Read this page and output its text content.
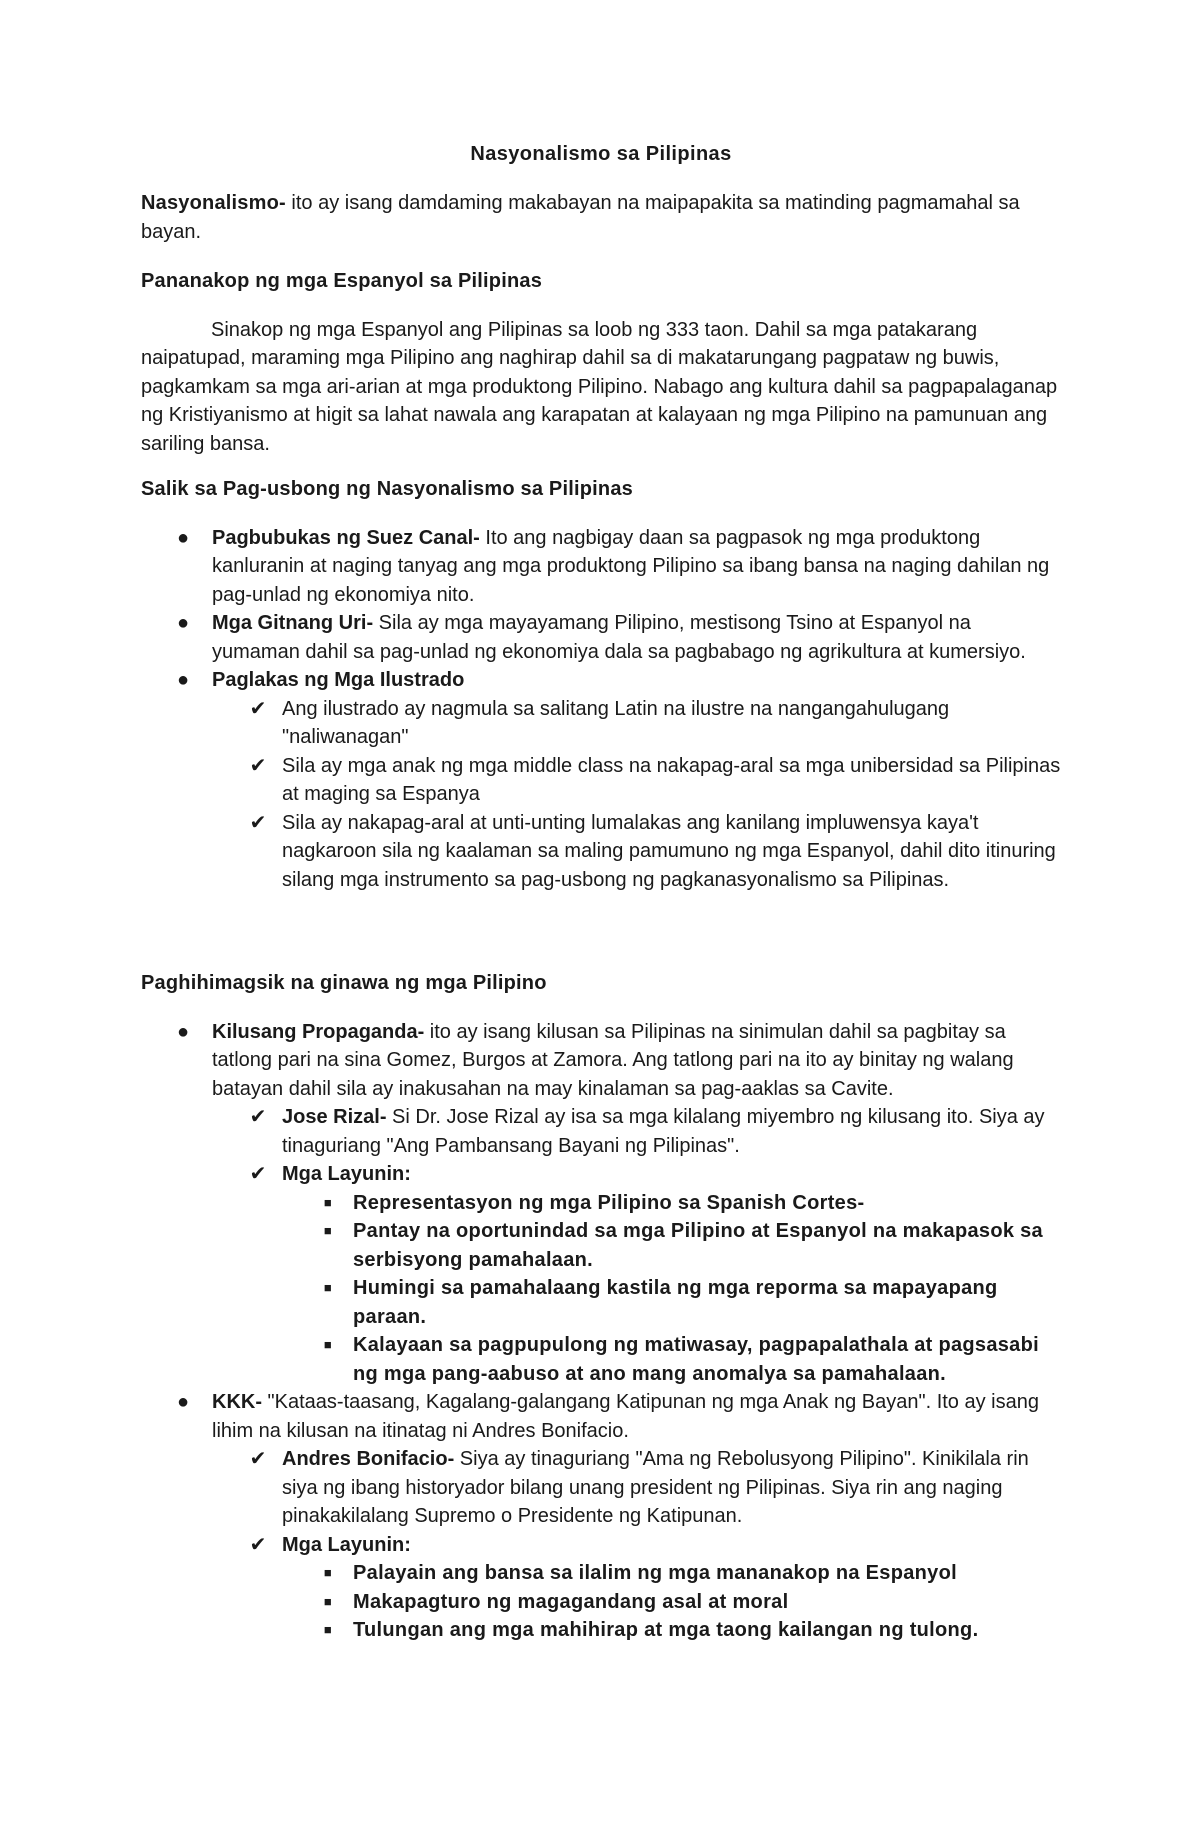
Nasyonalismo sa Pilipinas

Nasyonalismo- ito ay isang damdaming makabayan na maipapakita sa matinding pagmamahal sa bayan.

Pananakop ng mga Espanyol sa Pilipinas

Sinakop ng mga Espanyol ang Pilipinas sa loob ng 333 taon. Dahil sa mga patakarang naipatupad, maraming mga Pilipino ang naghirap dahil sa di makatarungang pagpataw ng buwis, pagkamkam sa mga ari-arian at mga produktong Pilipino. Nabago ang kultura dahil sa pagpapalaganap ng Kristiyanismo at higit sa lahat nawala ang karapatan at kalayaan ng mga Pilipino na pamunuan ang sariling bansa.

Salik sa Pag-usbong ng Nasyonalismo sa Pilipinas

● Pagbubukas ng Suez Canal- Ito ang nagbigay daan sa pagpasok ng mga produktong kanluranin at naging tanyag ang mga produktong Pilipino sa ibang bansa na naging dahilan ng pag-unlad ng ekonomiya nito.
● Mga Gitnang Uri- Sila ay mga mayayamang Pilipino, mestisong Tsino at Espanyol na yumaman dahil sa pag-unlad ng ekonomiya dala sa pagbabago ng agrikultura at kumersiyo.
● Paglakas ng Mga Ilustrado
✔ Ang ilustrado ay nagmula sa salitang Latin na ilustre na nangangahulugang "naliwanagan"
✔ Sila ay mga anak ng mga middle class na nakapag-aral sa mga unibersidad sa Pilipinas at maging sa Espanya
✔ Sila ay nakapag-aral at unti-unting lumalakas ang kanilang impluwensya kaya't nagkaroon sila ng kaalaman sa maling pamumuno ng mga Espanyol, dahil dito itinuring silang mga instrumento sa pag-usbong ng pagkanasyonalismo sa Pilipinas.

Paghihimagsik na ginawa ng mga Pilipino

● Kilusang Propaganda- ito ay isang kilusan sa Pilipinas na sinimulan dahil sa pagbitay sa tatlong pari na sina Gomez, Burgos at Zamora. Ang tatlong pari na ito ay binitay ng walang batayan dahil sila ay inakusahan na may kinalaman sa pag-aaklas sa Cavite.
✔ Jose Rizal- Si Dr. Jose Rizal ay isa sa mga kilalang miyembro ng kilusang ito. Siya ay tinaguriang "Ang Pambansang Bayani ng Pilipinas".
✔ Mga Layunin:
■ Representasyon ng mga Pilipino sa Spanish Cortes-
■ Pantay na oportunindad sa mga Pilipino at Espanyol na makapasok sa serbisyong pamahalaan.
■ Humingi sa pamahalaang kastila ng mga reporma sa mapayapang paraan.
■ Kalayaan sa pagpupulong ng matiwasay, pagpapalathala at pagsasabi ng mga pang-aabuso at ano mang anomalya sa pamahalaan.
● KKK- "Kataas-taasang, Kagalang-galangang Katipunan ng mga Anak ng Bayan". Ito ay isang lihim na kilusan na itinatag ni Andres Bonifacio.
✔ Andres Bonifacio- Siya ay tinaguriang "Ama ng Rebolusyong Pilipino". Kinikilala rin siya ng ibang historyador bilang unang president ng Pilipinas. Siya rin ang naging pinakakilalang Supremo o Presidente ng Katipunan.
✔ Mga Layunin:
■ Palayain ang bansa sa ilalim ng mga mananakop na Espanyol
■ Makapagturo ng magagandang asal at moral
■ Tulungan ang mga mahihirap at mga taong kailangan ng tulong.
